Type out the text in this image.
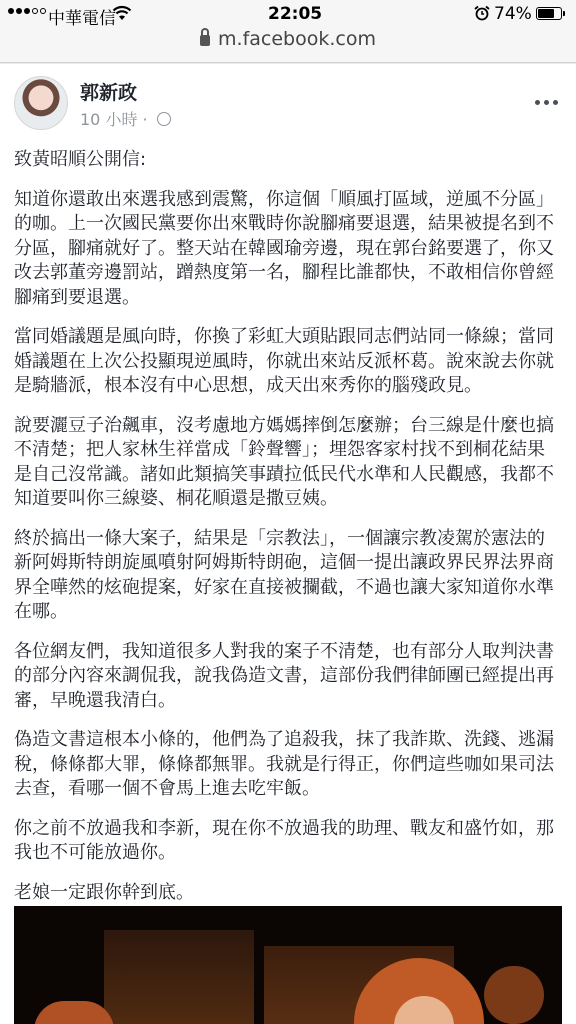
中華電信	22:05	74%
m.facebook.com
郭新政
10 小時 ·

致黃昭順公開信:

知道你還敢出來選我感到震驚，你這個「順風打區域，逆風不分區」的咖。上一次國民黨要你出來戰時你說腳痛要退選，結果被提名到不分區，腳痛就好了。整天站在韓國瑜旁邊，現在郭台銘要選了，你又改去郭董旁邊罰站，蹭熱度第一名，腳程比誰都快，不敢相信你曾經腳痛到要退選。

當同婚議題是風向時，你換了彩虹大頭貼跟同志們站同一條線；當同婚議題在上次公投顯現逆風時，你就出來站反派杯葛。說來說去你就是騎牆派，根本沒有中心思想，成天出來秀你的腦殘政見。

說要灑豆子治飆車，沒考慮地方媽媽摔倒怎麼辦；台三線是什麼也搞不清楚；把人家林生祥當成「鈴聲響」；埋怨客家村找不到桐花結果是自己沒常識。諸如此類搞笑事蹟拉低民代水準和人民觀感，我都不知道要叫你三線婆、桐花順還是撒豆姨。

終於搞出一條大案子，結果是「宗教法」，一個讓宗教凌駕於憲法的新阿姆斯特朗旋風噴射阿姆斯特朗砲，這個一提出讓政界民界法界商界全嘩然的炫砲提案，好家在直接被攔截，不過也讓大家知道你水準在哪。

各位網友們，我知道很多人對我的案子不清楚，也有部分人取判決書的部分內容來調侃我，說我偽造文書，這部份我們律師團已經提出再審，早晚還我清白。

偽造文書這根本小條的，他們為了追殺我，抹了我詐欺、洗錢、逃漏稅，條條都大罪，條條都無罪。我就是行得正，你們這些咖如果司法去查，看哪一個不會馬上進去吃牢飯。

你之前不放過我和李新，現在你不放過我的助理、戰友和盛竹如，那我也不可能放過你。

老娘一定跟你幹到底。
